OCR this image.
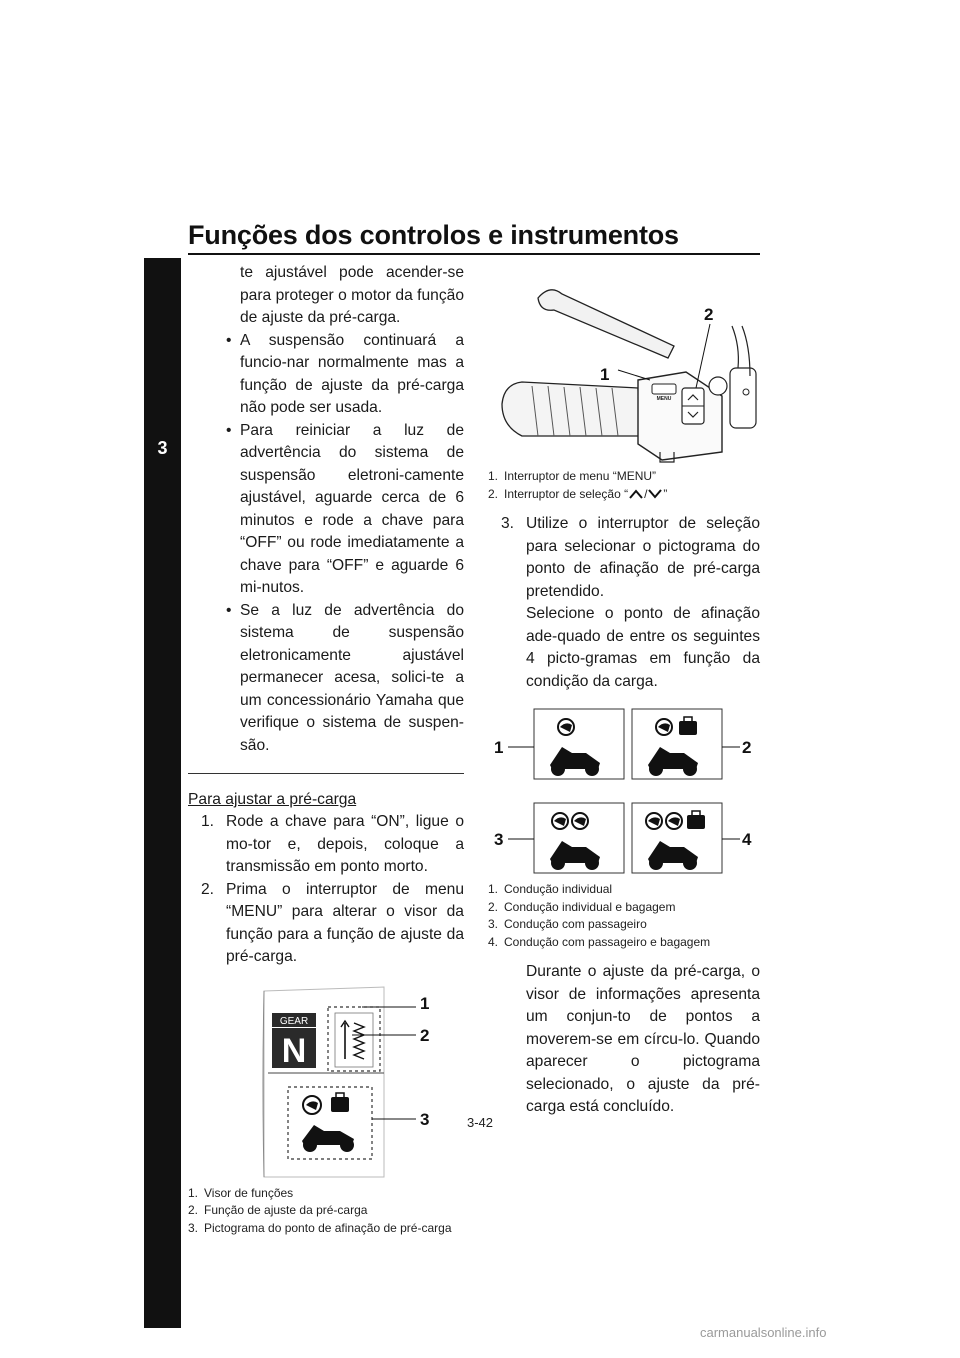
Funções dos controlos e instrumentos
3

te ajustável pode acender-se para proteger o motor da função de ajuste da pré-carga.

• A suspensão continuará a funcio-nar normalmente mas a função de ajuste da pré-carga não pode ser usada.
• Para reiniciar a luz de advertência do sistema de suspensão eletroni-camente ajustável, aguarde cerca de 6 minutos e rode a chave para “OFF” ou rode imediatamente a chave para “OFF” e aguarde 6 mi-nutos.
• Se a luz de advertência do sistema de suspensão eletronicamente ajustável permanecer acesa, solici-te a um concessionário Yamaha que verifique o sistema de suspen-são.

Para ajustar a pré-carga

1. Rode a chave para “ON”, ligue o mo-tor e, depois, coloque a transmissão em ponto morto.
2. Prima o interruptor de menu “MENU” para alterar o visor da função para a função de ajuste da pré-carga.
GEAR
N
1
2
3
1. Visor de funções
2. Função de ajuste da pré-carga
3. Pictograma do ponto de afinação de pré-carga
MENU
1
2
1. Interruptor de menu “MENU”
2. Interruptor de seleção “ / ”
3. Utilize o interruptor de seleção para selecionar o pictograma do ponto de afinação de pré-carga pretendido.
Selecione o ponto de afinação ade-quado de entre os seguintes 4 picto-gramas em função da condição da carga.
1	2
3	4
1. Condução individual
2. Condução individual e bagagem
3. Condução com passageiro
4. Condução com passageiro e bagagem

Durante o ajuste da pré-carga, o visor de informações apresenta um conjun-to de pontos a moverem-se em círcu-lo. Quando aparecer o pictograma selecionado, o ajuste da pré-carga está concluído.

3-42
carmanualsonline.info
